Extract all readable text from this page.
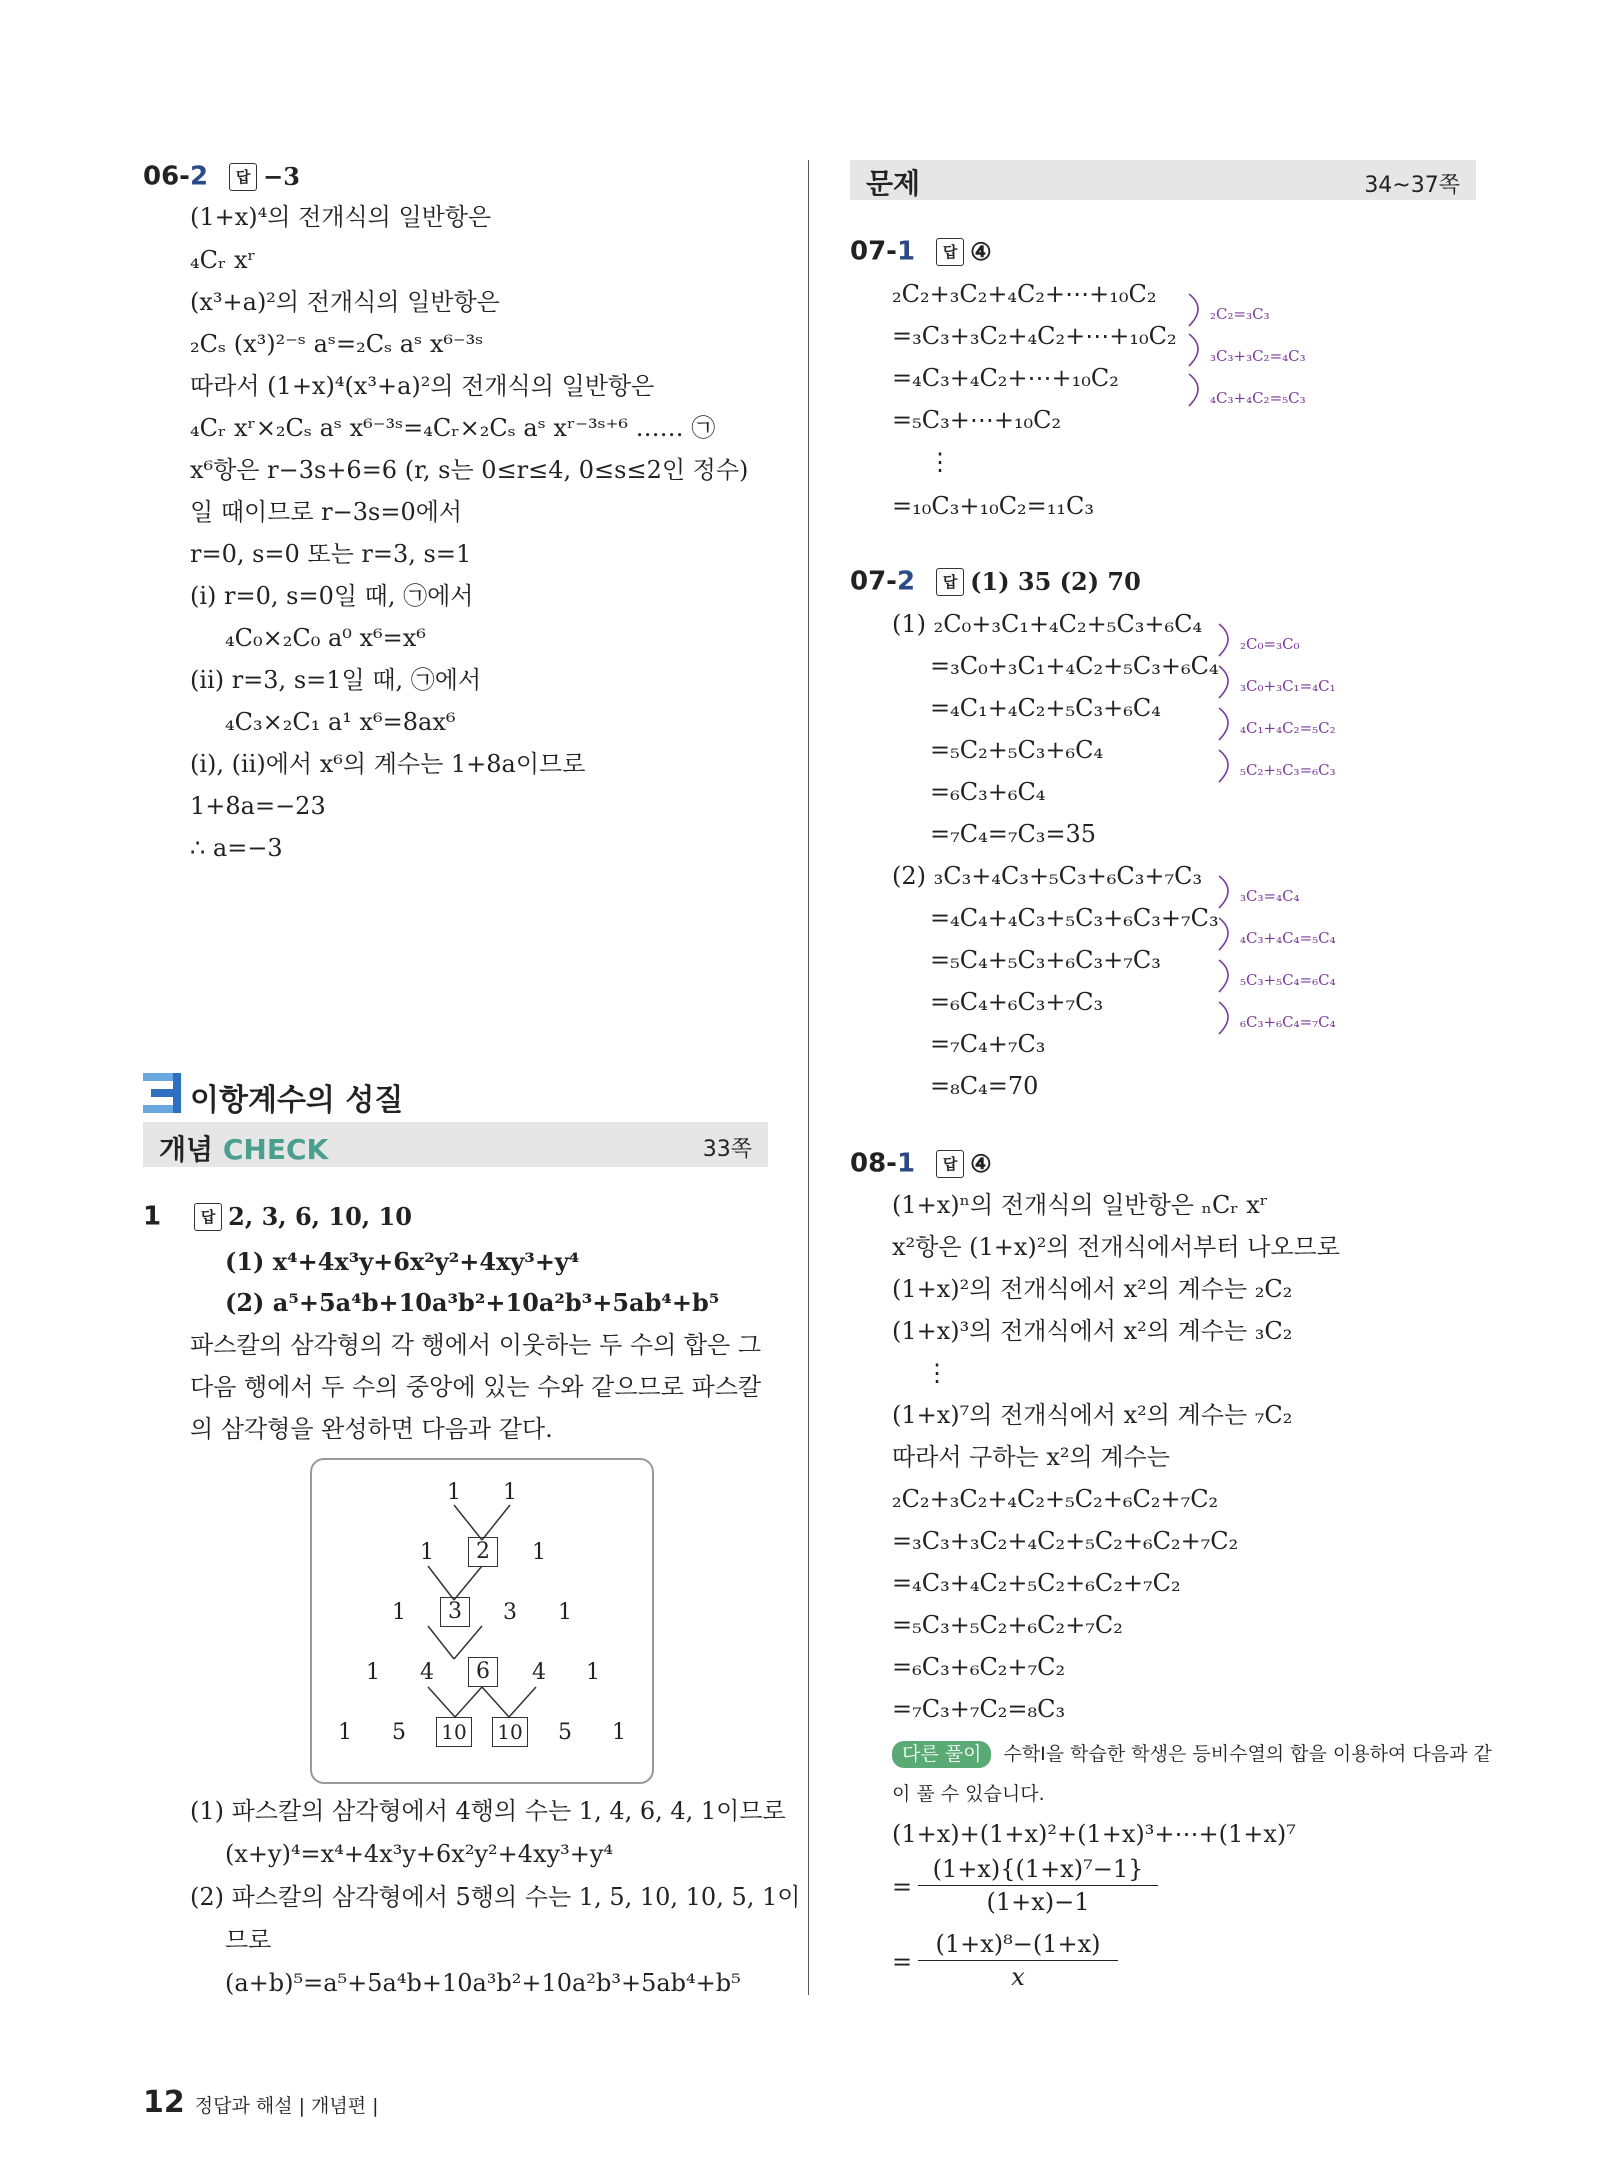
06-2 답 −3
(1+x)⁴의 전개식의 일반항은
₄Cᵣ xʳ
(x³+a)²의 전개식의 일반항은
₂Cₛ (x³)²⁻ˢ aˢ=₂Cₛ aˢ x⁶⁻³ˢ
따라서 (1+x)⁴(x³+a)²의 전개식의 일반항은
₄Cᵣ xʳ×₂Cₛ aˢ x⁶⁻³ˢ=₄Cᵣ×₂Cₛ aˢ xʳ⁻³ˢ⁺⁶ …… ㉠
x⁶항은 r−3s+6=6 (r, s는 0≤r≤4, 0≤s≤2인 정수)
일 때이므로 r−3s=0에서
r=0, s=0 또는 r=3, s=1
(ⅰ) r=0, s=0일 때, ㉠에서
₄C₀×₂C₀ a⁰ x⁶=x⁶
(ⅱ) r=3, s=1일 때, ㉠에서
₄C₃×₂C₁ a¹ x⁶=8ax⁶
(ⅰ), (ⅱ)에서 x⁶의 계수는 1+8a이므로
1+8a=−23
∴ a=−3
이항계수의 성질
개념 CHECK	33쪽
1	답 2, 3, 6, 10, 10
(1) x⁴+4x³y+6x²y²+4xy³+y⁴
(2) a⁵+5a⁴b+10a³b²+10a²b³+5ab⁴+b⁵
파스칼의 삼각형의 각 행에서 이웃하는 두 수의 합은 그
다음 행에서 두 수의 중앙에 있는 수와 같으므로 파스칼
의 삼각형을 완성하면 다음과 같다.
1	1
1	2	1
1	3	3	1
1	4	6	4	1
1	5	10 10	5	1
(1) 파스칼의 삼각형에서 4행의 수는 1, 4, 6, 4, 1이므로
(x+y)⁴=x⁴+4x³y+6x²y²+4xy³+y⁴
(2) 파스칼의 삼각형에서 5행의 수는 1, 5, 10, 10, 5, 1이
므로
(a+b)⁵=a⁵+5a⁴b+10a³b²+10a²b³+5ab⁴+b⁵
문제	34~37쪽
07-1 답 ④
₂C₂+₃C₂+₄C₂+⋯+₁₀C₂
=₃C₃+₃C₂+₄C₂+⋯+₁₀C₂
=₄C₃+₄C₂+⋯+₁₀C₂
=₅C₃+⋯+₁₀C₂
⋮
=₁₀C₃+₁₀C₂=₁₁C₃
₂C₂=₃C₃
₃C₃+₃C₂=₄C₃
₄C₃+₄C₂=₅C₃
07-2 답 (1) 35 (2) 70
(1) ₂C₀+₃C₁+₄C₂+₅C₃+₆C₄
=₃C₀+₃C₁+₄C₂+₅C₃+₆C₄
=₄C₁+₄C₂+₅C₃+₆C₄
=₅C₂+₅C₃+₆C₄
=₆C₃+₆C₄
=₇C₄=₇C₃=35
₂C₀=₃C₀
₃C₀+₃C₁=₄C₁
₄C₁+₄C₂=₅C₂
₅C₂+₅C₃=₆C₃
(2) ₃C₃+₄C₃+₅C₃+₆C₃+₇C₃
=₄C₄+₄C₃+₅C₃+₆C₃+₇C₃
=₅C₄+₅C₃+₆C₃+₇C₃
=₆C₄+₆C₃+₇C₃
=₇C₄+₇C₃
=₈C₄=70
₃C₃=₄C₄
₄C₃+₄C₄=₅C₄
₅C₃+₅C₄=₆C₄
₆C₃+₆C₄=₇C₄
08-1 답 ④
(1+x)ⁿ의 전개식의 일반항은 ₙCᵣ xʳ
x²항은 (1+x)²의 전개식에서부터 나오므로
(1+x)²의 전개식에서 x²의 계수는 ₂C₂
(1+x)³의 전개식에서 x²의 계수는 ₃C₂
⋮
(1+x)⁷의 전개식에서 x²의 계수는 ₇C₂
따라서 구하는 x²의 계수는
₂C₂+₃C₂+₄C₂+₅C₂+₆C₂+₇C₂
=₃C₃+₃C₂+₄C₂+₅C₂+₆C₂+₇C₂
=₄C₃+₄C₂+₅C₂+₆C₂+₇C₂
=₅C₃+₅C₂+₆C₂+₇C₂
=₆C₃+₆C₂+₇C₂
=₇C₃+₇C₂=₈C₃
다른 풀이 수학Ⅰ을 학습한 학생은 등비수열의 합을 이용하여 다음과 같
이 풀 수 있습니다.
(1+x)+(1+x)²+(1+x)³+⋯+(1+x)⁷
= $\frac{\text{(1+x)\{(1+x)⁷−1\}}}{(1+x)-1}$
= $\frac{\text{(1+x)⁸−(1+x)}}{x}$
12 정답과 해설 | 개념편 |
